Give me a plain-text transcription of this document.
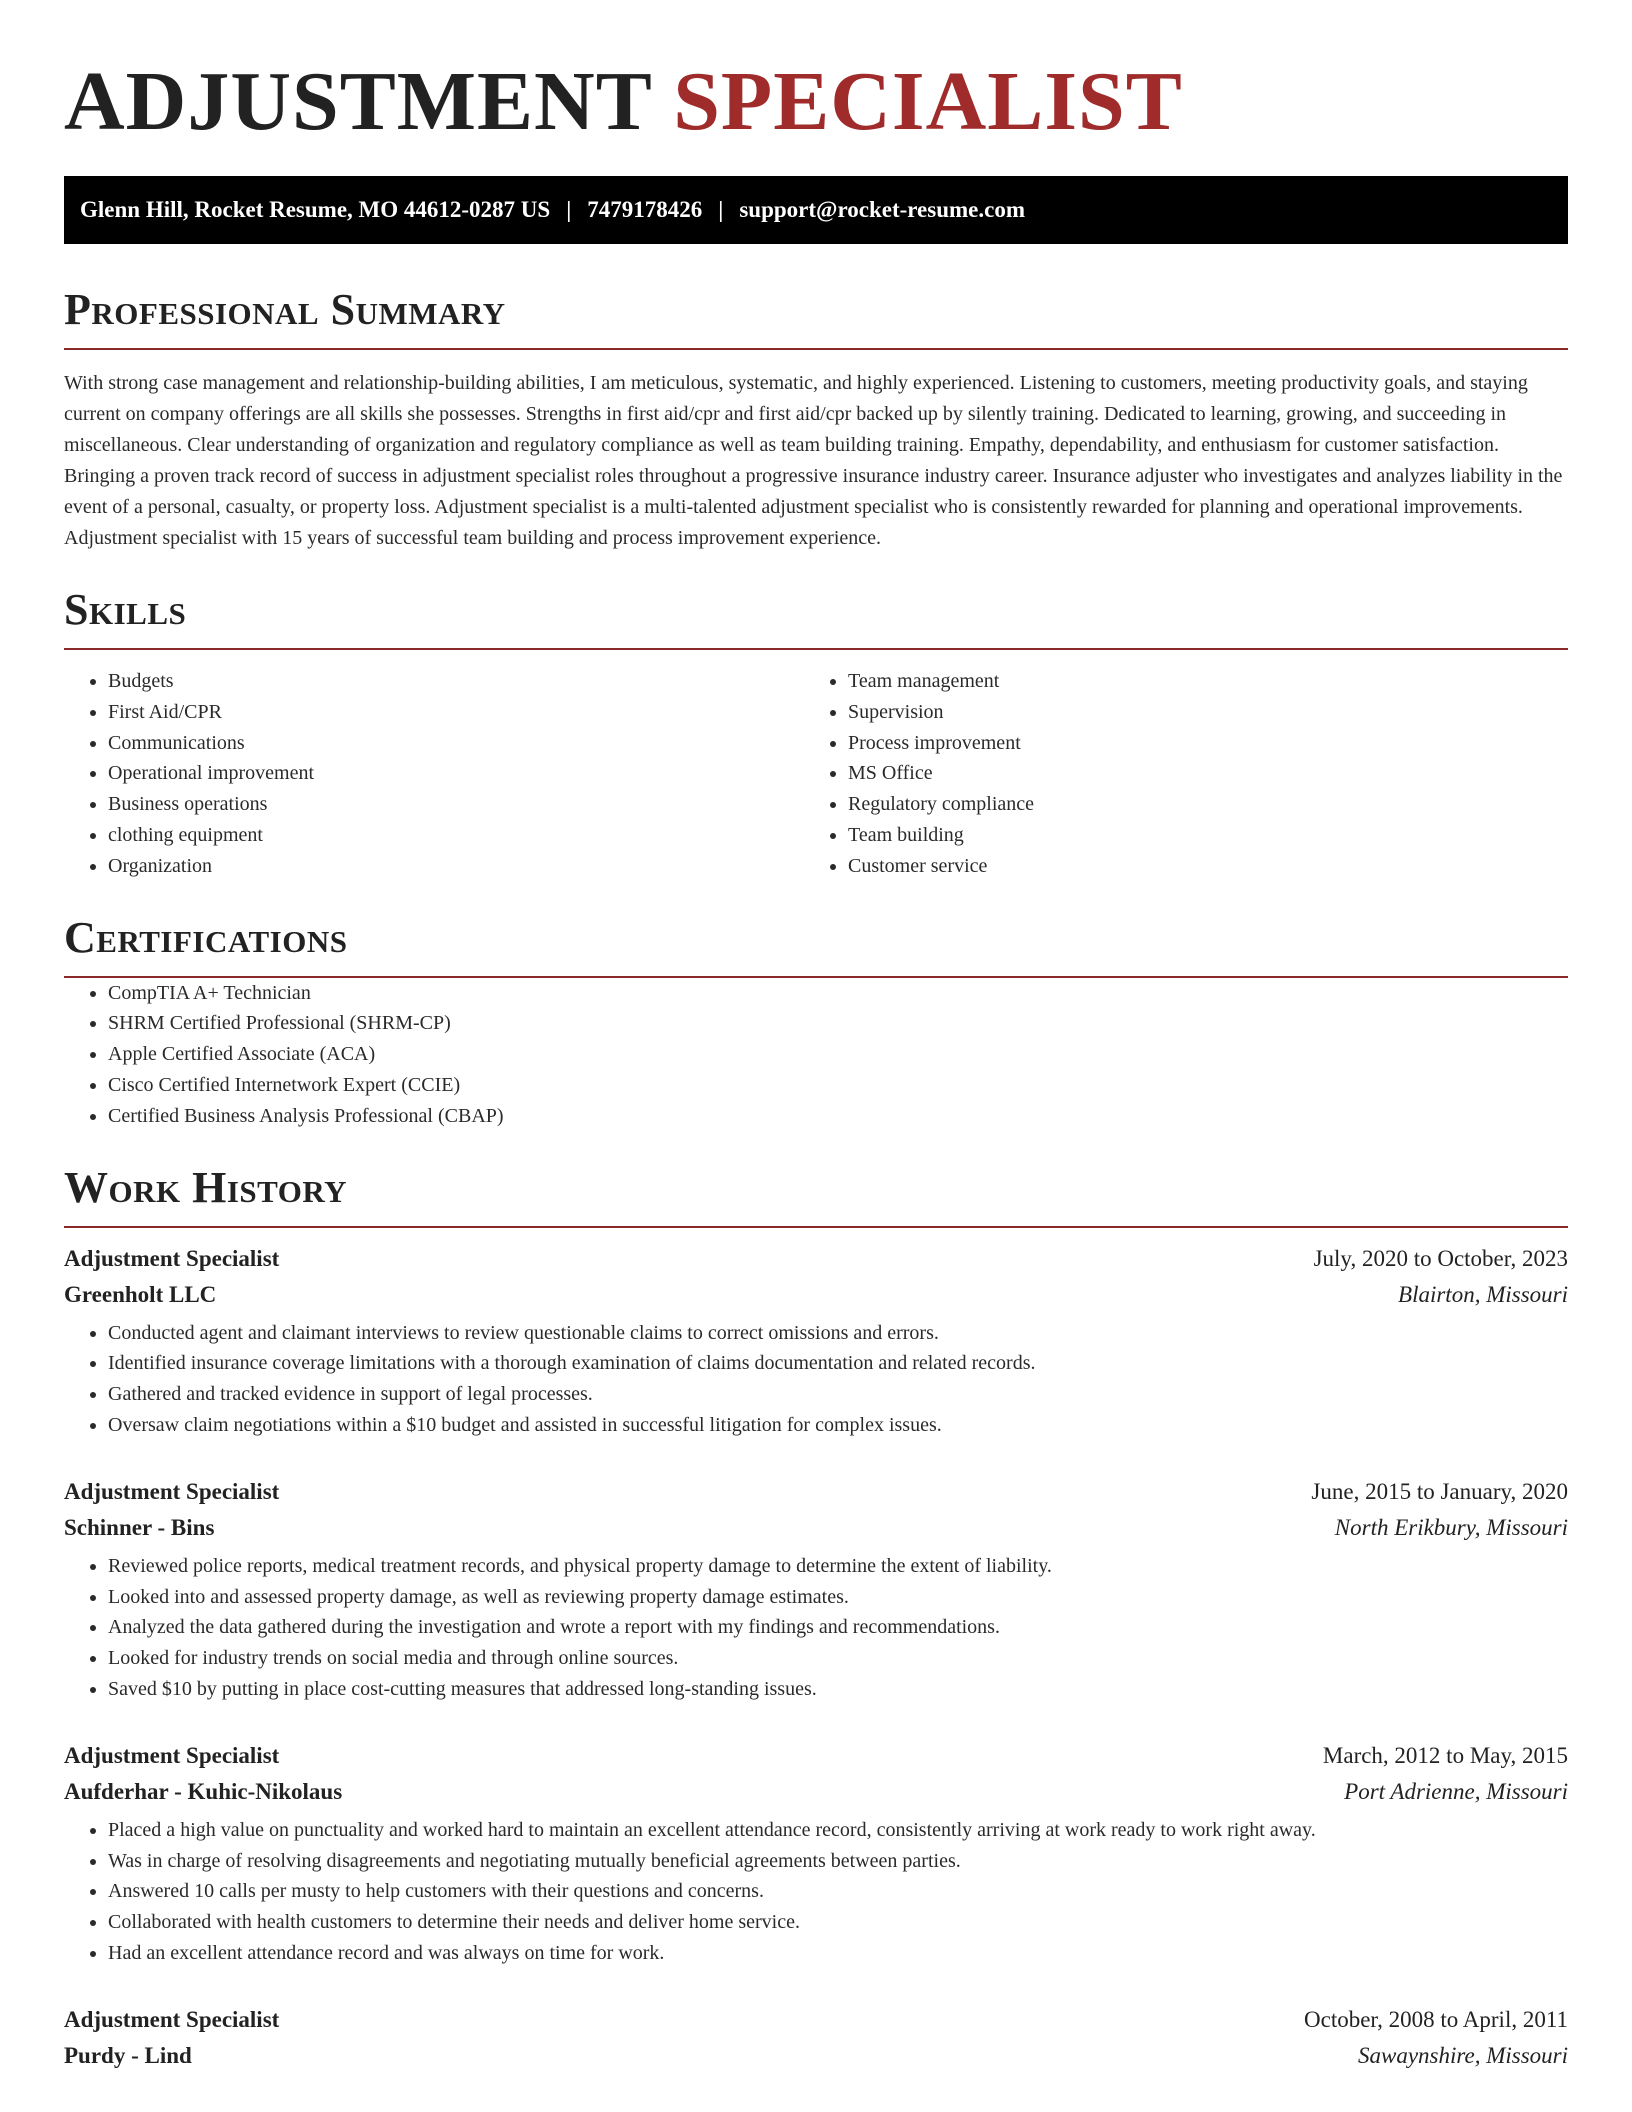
ADJUSTMENT SPECIALIST
Glenn Hill, Rocket Resume, MO 44612-0287 US | 7479178426 | support@rocket-resume.com
Professional Summary

With strong case management and relationship-building abilities, I am meticulous, systematic, and highly experienced. Listening to customers, meeting productivity goals, and staying current on company offerings are all skills she possesses. Strengths in first aid/cpr and first aid/cpr backed up by silently training. Dedicated to learning, growing, and succeeding in miscellaneous. Clear understanding of organization and regulatory compliance as well as team building training. Empathy, dependability, and enthusiasm for customer satisfaction. Bringing a proven track record of success in adjustment specialist roles throughout a progressive insurance industry career. Insurance adjuster who investigates and analyzes liability in the event of a personal, casualty, or property loss. Adjustment specialist is a multi-talented adjustment specialist who is consistently rewarded for planning and operational improvements. Adjustment specialist with 15 years of successful team building and process improvement experience.

Skills
• Budgets
• First Aid/CPR
• Communications
• Operational improvement
• Business operations
• clothing equipment
• Organization
• Team management
• Supervision
• Process improvement
• MS Office
• Regulatory compliance
• Team building
• Customer service
Certifications
• CompTIA A+ Technician
• SHRM Certified Professional (SHRM-CP)
• Apple Certified Associate (ACA)
• Cisco Certified Internetwork Expert (CCIE)
• Certified Business Analysis Professional (CBAP)
Work History
Adjustment Specialist	July, 2020 to October, 2023
Greenholt LLC	Blairton, Missouri
• Conducted agent and claimant interviews to review questionable claims to correct omissions and errors.
• Identified insurance coverage limitations with a thorough examination of claims documentation and related records.
• Gathered and tracked evidence in support of legal processes.
• Oversaw claim negotiations within a $10 budget and assisted in successful litigation for complex issues.
Adjustment Specialist	June, 2015 to January, 2020
Schinner - Bins	North Erikbury, Missouri
• Reviewed police reports, medical treatment records, and physical property damage to determine the extent of liability.
• Looked into and assessed property damage, as well as reviewing property damage estimates.
• Analyzed the data gathered during the investigation and wrote a report with my findings and recommendations.
• Looked for industry trends on social media and through online sources.
• Saved $10 by putting in place cost-cutting measures that addressed long-standing issues.
Adjustment Specialist	March, 2012 to May, 2015
Aufderhar - Kuhic-Nikolaus	Port Adrienne, Missouri
• Placed a high value on punctuality and worked hard to maintain an excellent attendance record, consistently arriving at work ready to work right away.
• Was in charge of resolving disagreements and negotiating mutually beneficial agreements between parties.
• Answered 10 calls per musty to help customers with their questions and concerns.
• Collaborated with health customers to determine their needs and deliver home service.
• Had an excellent attendance record and was always on time for work.
Adjustment Specialist	October, 2008 to April, 2011
Purdy - Lind	Sawaynshire, Missouri
